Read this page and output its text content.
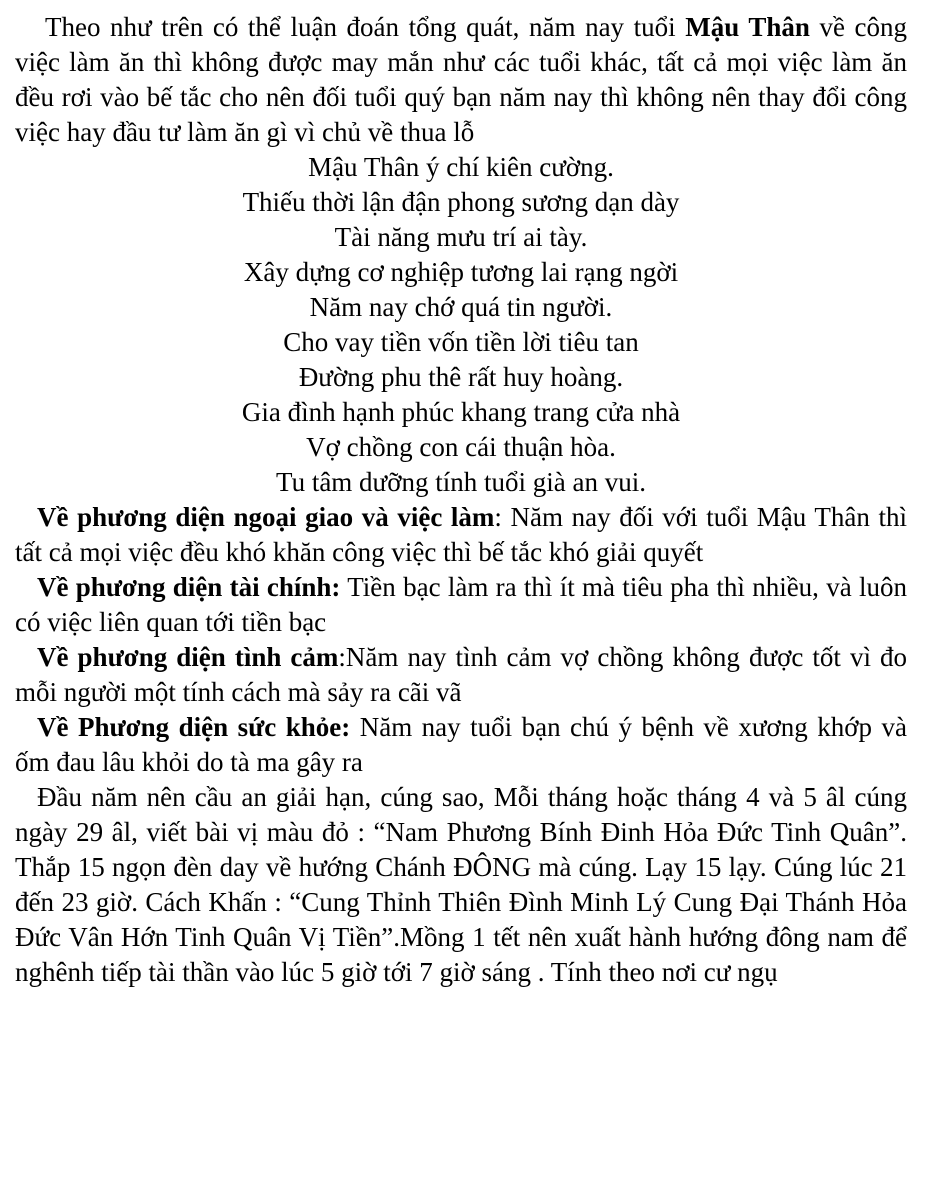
Theo như trên có thể luận đoán tổng quát, năm nay tuổi Mậu Thân về công việc làm ăn thì không được may mắn như các tuổi khác, tất cả mọi việc làm ăn đều rơi vào bế tắc cho nên đối tuổi quý bạn năm nay thì không nên thay đổi công việc hay đầu tư làm ăn gì vì chủ về thua lỗ

Mậu Thân ý chí kiên cường.
Thiếu thời lận đận phong sương dạn dày
Tài năng mưu trí ai tày.
Xây dựng cơ nghiệp tương lai rạng ngời
Năm nay chớ quá tin người.
Cho vay tiền vốn tiền lời tiêu tan
Đường phu thê rất huy hoàng.
Gia đình hạnh phúc khang trang cửa nhà
Vợ chồng con cái thuận hòa.
Tu tâm dưỡng tính tuổi già an vui.

Về phương diện ngoại giao và việc làm: Năm nay đối với tuổi Mậu Thân thì tất cả mọi việc đều khó khăn công việc thì bế tắc khó giải quyết

Về phương diện tài chính: Tiền bạc làm ra thì ít mà tiêu pha thì nhiều, và luôn có việc liên quan tới tiền bạc

Về phương diện tình cảm:Năm nay tình cảm vợ chồng không được tốt vì đo mỗi người một tính cách mà sảy ra cãi vã

Về Phương diện sức khỏe: Năm nay tuổi bạn chú ý bệnh về xương khớp và ốm đau lâu khỏi do tà ma gây ra

Đầu năm nên cầu an giải hạn, cúng sao, Mỗi tháng hoặc tháng 4 và 5 âl cúng ngày 29 âl, viết bài vị màu đỏ : “Nam Phương Bính Đinh Hỏa Đức Tinh Quân”. Thắp 15 ngọn đèn day về hướng Chánh ĐÔNG mà cúng. Lạy 15 lạy. Cúng lúc 21 đến 23 giờ. Cách Khấn : “Cung Thỉnh Thiên Đình Minh Lý Cung Đại Thánh Hỏa Đức Vân Hớn Tinh Quân Vị Tiền”.Mồng 1 tết nên xuất hành hướng đông nam để nghênh tiếp tài thần vào lúc 5 giờ tới 7 giờ sáng . Tính theo nơi cư ngụ
